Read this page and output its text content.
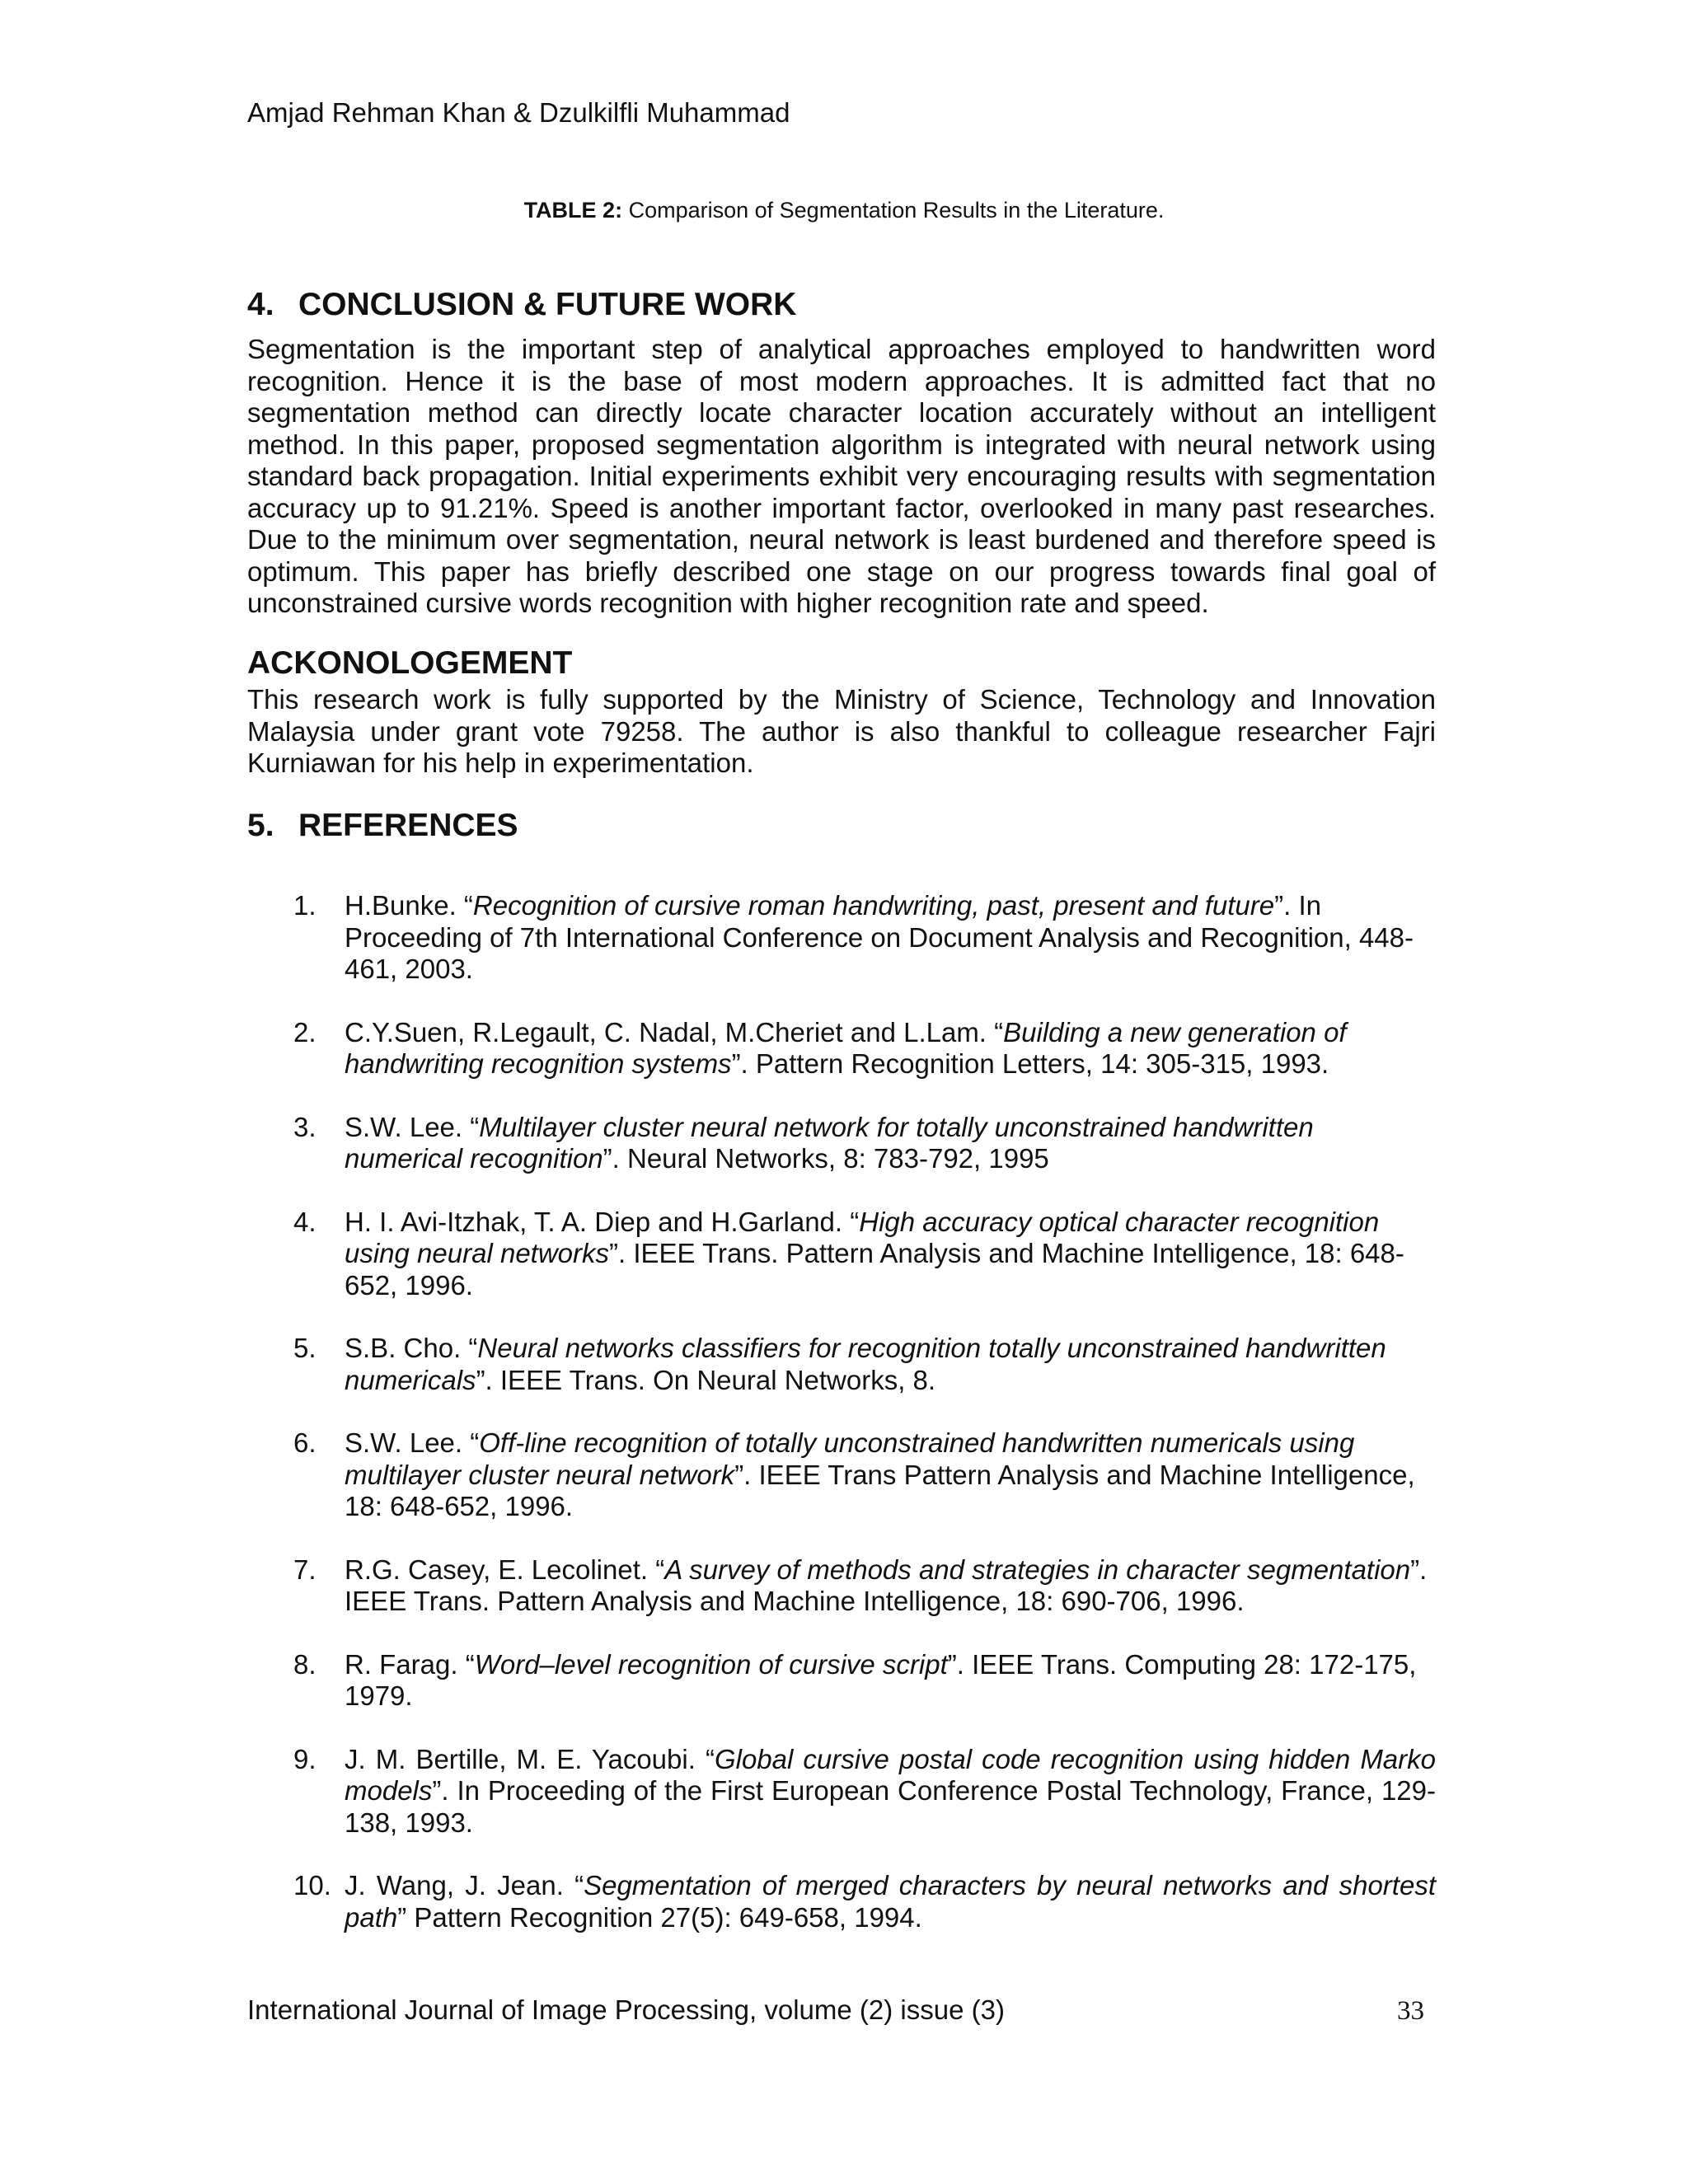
Amjad Rehman Khan & Dzulkilfli Muhammad
TABLE 2: Comparison of Segmentation Results in the Literature.
4. CONCLUSION & FUTURE WORK

Segmentation is the important step of analytical approaches employed to handwritten word recognition. Hence it is the base of most modern approaches. It is admitted fact that no segmentation method can directly locate character location accurately without an intelligent method. In this paper, proposed segmentation algorithm is integrated with neural network using standard back propagation. Initial experiments exhibit very encouraging results with segmentation accuracy up to 91.21%. Speed is another important factor, overlooked in many past researches. Due to the minimum over segmentation, neural network is least burdened and therefore speed is optimum. This paper has briefly described one stage on our progress towards final goal of unconstrained cursive words recognition with higher recognition rate and speed.

ACKONOLOGEMENT

This research work is fully supported by the Ministry of Science, Technology and Innovation Malaysia under grant vote 79258. The author is also thankful to colleague researcher Fajri Kurniawan for his help in experimentation.

5. REFERENCES
1. H.Bunke. “Recognition of cursive roman handwriting, past, present and future”. In Proceeding of 7th International Conference on Document Analysis and Recognition, 448-461, 2003.
2. C.Y.Suen, R.Legault, C. Nadal, M.Cheriet and L.Lam. “Building a new generation of handwriting recognition systems”. Pattern Recognition Letters, 14: 305-315, 1993.
3. S.W. Lee. “Multilayer cluster neural network for totally unconstrained handwritten numerical recognition”. Neural Networks, 8: 783-792, 1995
4. H. I. Avi-Itzhak, T. A. Diep and H.Garland. “High accuracy optical character recognition using neural networks”. IEEE Trans. Pattern Analysis and Machine Intelligence, 18: 648-652, 1996.
5. S.B. Cho. “Neural networks classifiers for recognition totally unconstrained handwritten numericals”. IEEE Trans. On Neural Networks, 8.
6. S.W. Lee. “Off-line recognition of totally unconstrained handwritten numericals using multilayer cluster neural network”. IEEE Trans Pattern Analysis and Machine Intelligence, 18: 648-652, 1996.
7. R.G. Casey, E. Lecolinet. “A survey of methods and strategies in character segmentation”. IEEE Trans. Pattern Analysis and Machine Intelligence, 18: 690-706, 1996.
8. R. Farag. “Word–level recognition of cursive script”. IEEE Trans. Computing 28: 172-175, 1979.
9. J. M. Bertille, M. E. Yacoubi. “Global cursive postal code recognition using hidden Marko models”. In Proceeding of the First European Conference Postal Technology, France, 129-138, 1993.
10. J. Wang, J. Jean. “Segmentation of merged characters by neural networks and shortest path” Pattern Recognition 27(5): 649-658, 1994.
International Journal of Image Processing, volume (2) issue (3)	33
